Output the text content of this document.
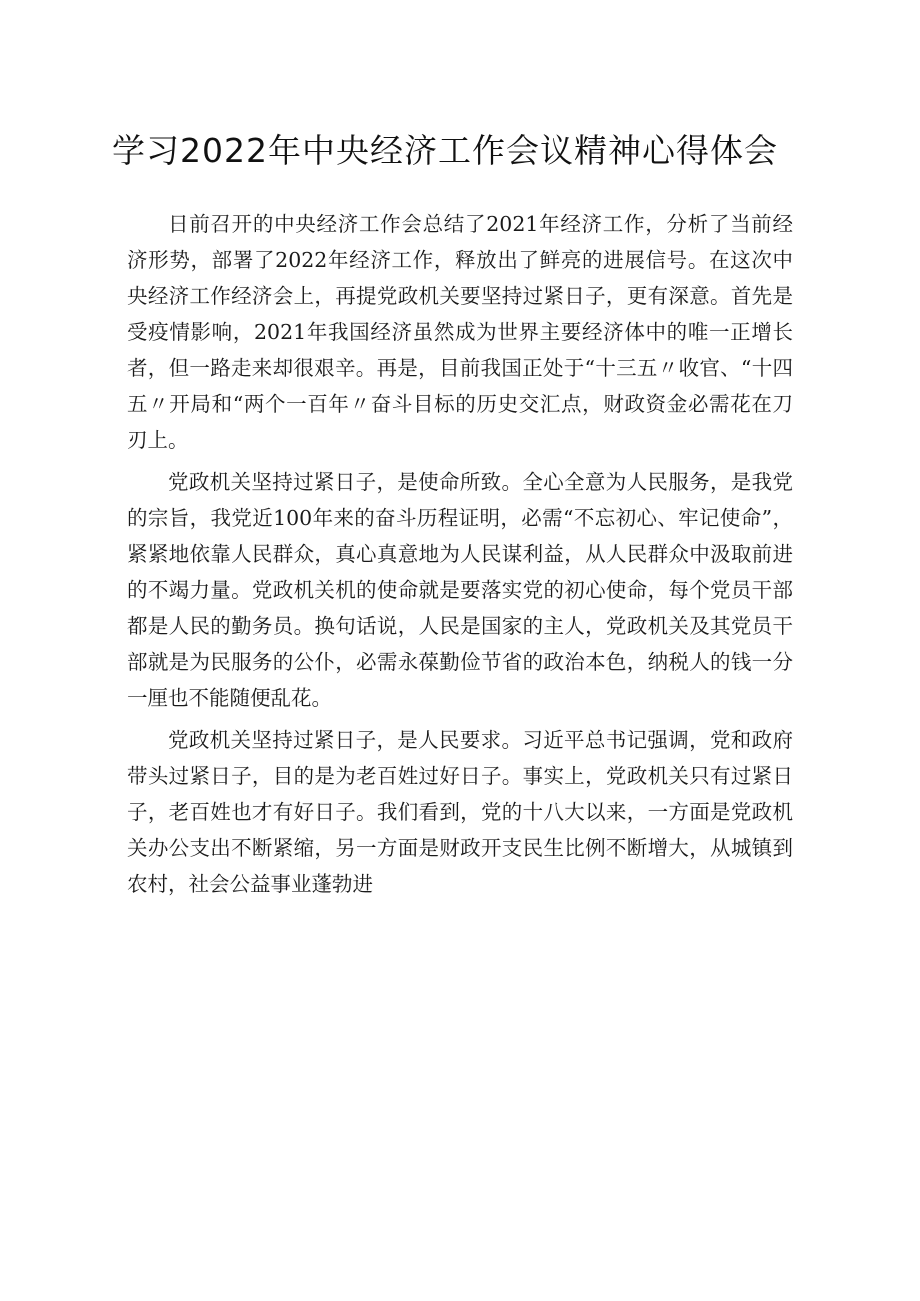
学习2022年中央经济工作会议精神心得体会

日前召开的中央经济工作会总结了2021年经济工作，分析了当前经济形势，部署了2022年经济工作，释放出了鲜亮的进展信号。在这次中央经济工作经济会上，再提党政机关要坚持过紧日子，更有深意。首先是受疫情影响，2021年我国经济虽然成为世界主要经济体中的唯一正增长者，但一路走来却很艰辛。再是，目前我国正处于“十三五〃收官、“十四五〃开局和“两个一百年〃奋斗目标的历史交汇点，财政资金必需花在刀刃上。

党政机关坚持过紧日子，是使命所致。全心全意为人民服务，是我党的宗旨，我党近100年来的奋斗历程证明，必需“不忘初心、牢记使命”，紧紧地依靠人民群众，真心真意地为人民谋利益，从人民群众中汲取前进的不竭力量。党政机关机的使命就是要落实党的初心使命，每个党员干部都是人民的勤务员。换句话说，人民是国家的主人，党政机关及其党员干部就是为民服务的公仆，必需永葆勤俭节省的政治本色，纳税人的钱一分一厘也不能随便乱花。

党政机关坚持过紧日子，是人民要求。习近平总书记强调，党和政府带头过紧日子，目的是为老百姓过好日子。事实上，党政机关只有过紧日子，老百姓也才有好日子。我们看到，党的十八大以来，一方面是党政机关办公支出不断紧缩，另一方面是财政开支民生比例不断增大，从城镇到农村，社会公益事业蓬勃进
